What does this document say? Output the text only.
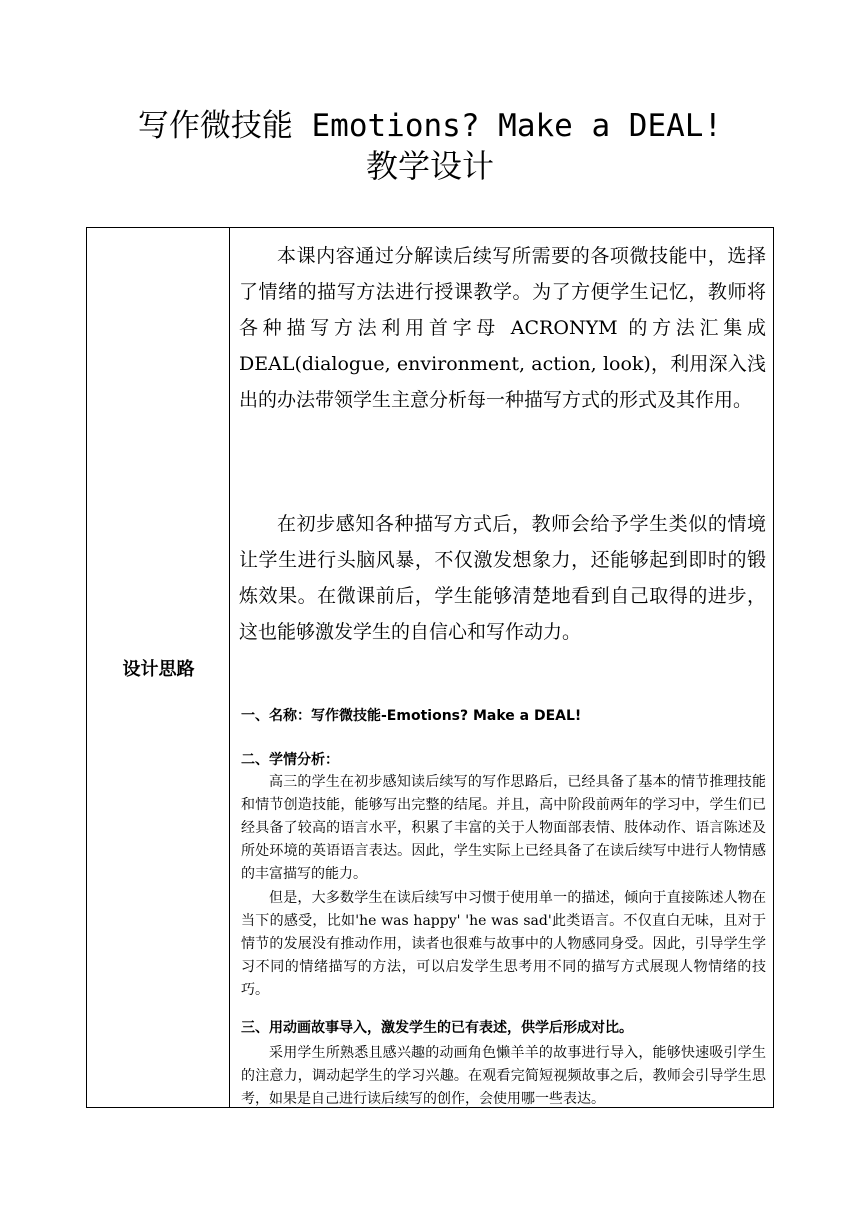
写作微技能 Emotions? Make a DEAL!
教学设计
设计思路

本课内容通过分解读后续写所需要的各项微技能中，选择了情绪的描写方法进行授课教学。为了方便学生记忆，教师将各种描写方法利用首字母 ACRONYM 的方法汇集成 DEAL(dialogue, environment, action, look)，利用深入浅出的办法带领学生主意分析每一种描写方式的形式及其作用。

在初步感知各种描写方式后，教师会给予学生类似的情境让学生进行头脑风暴，不仅激发想象力，还能够起到即时的锻炼效果。在微课前后，学生能够清楚地看到自己取得的进步，这也能够激发学生的自信心和写作动力。

一、名称：写作微技能-Emotions? Make a DEAL!

二、学情分析：

高三的学生在初步感知读后续写的写作思路后，已经具备了基本的情节推理技能和情节创造技能，能够写出完整的结尾。并且，高中阶段前两年的学习中，学生们已经具备了较高的语言水平，积累了丰富的关于人物面部表情、肢体动作、语言陈述及所处环境的英语语言表达。因此，学生实际上已经具备了在读后续写中进行人物情感的丰富描写的能力。

但是，大多数学生在读后续写中习惯于使用单一的描述，倾向于直接陈述人物在当下的感受，比如'he was happy' 'he was sad'此类语言。不仅直白无味，且对于情节的发展没有推动作用，读者也很难与故事中的人物感同身受。因此，引导学生学习不同的情绪描写的方法，可以启发学生思考用不同的描写方式展现人物情绪的技巧。

三、用动画故事导入，激发学生的已有表述，供学后形成对比。

采用学生所熟悉且感兴趣的动画角色懒羊羊的故事进行导入，能够快速吸引学生的注意力，调动起学生的学习兴趣。在观看完简短视频故事之后，教师会引导学生思考，如果是自己进行读后续写的创作，会使用哪一些表达。
